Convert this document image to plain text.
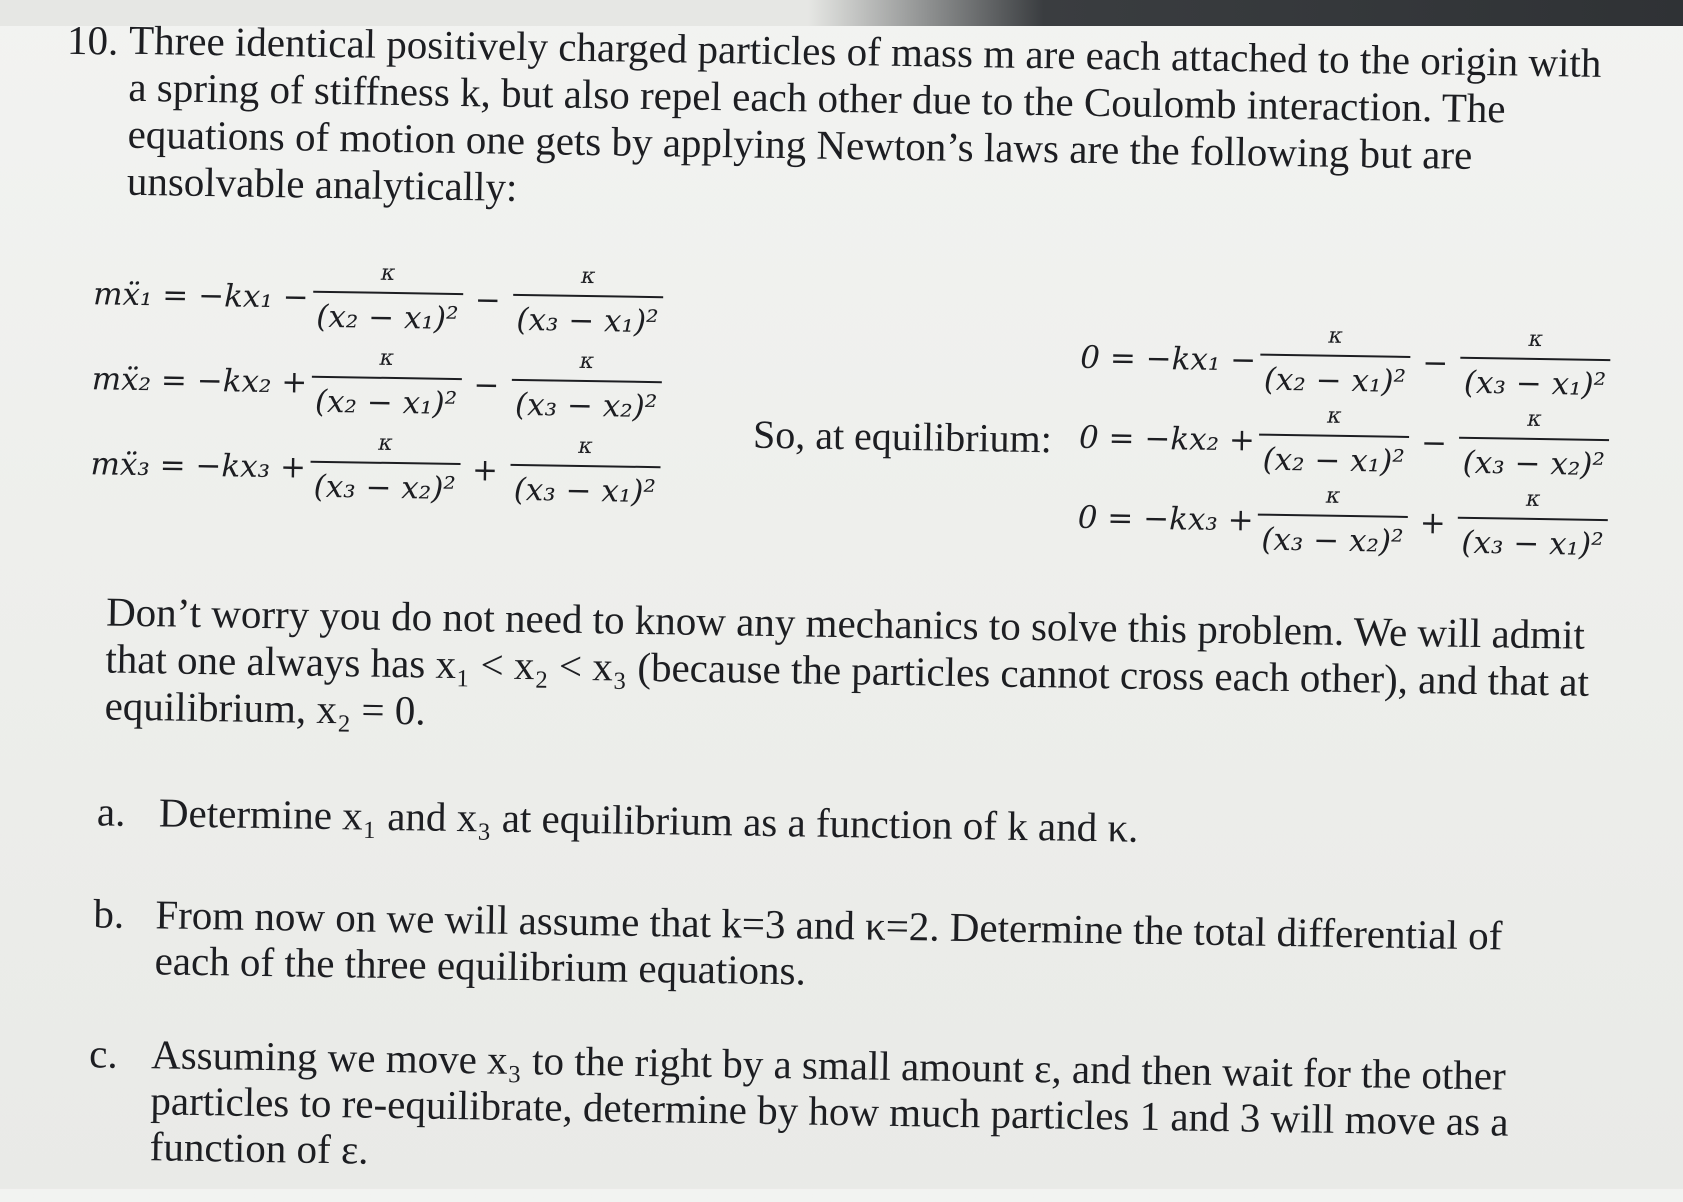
10. Three identical positively charged particles of mass m are each attached to the origin with a spring of stiffness k, but also repel each other due to the Coulomb interaction. The equations of motion one gets by applying Newton’s laws are the following but are unsolvable analytically:
mẍ₁ = $-kx_1 - \frac{\kappa}{\text{(x₂ − x₁)²}} - \frac{\kappa}{\text{(x₃ − x₁)²}}$
mẍ₂ = $-kx_2 + \frac{\kappa}{\text{(x₂ − x₁)²}} - \frac{\kappa}{\text{(x₃ − x₂)²}}$
mẍ₃ = $-kx_3 + \frac{\kappa}{\text{(x₃ − x₂)²}} + \frac{\kappa}{\text{(x₃ − x₁)²}} So$, at equilibrium:
$0 = -kx_1 - \frac{\kappa}{\text{(x₂ − x₁)²}} - \frac{\kappa}{\text{(x₃ − x₁)²}}$
$0 = -kx_2 + \frac{\kappa}{\text{(x₂ − x₁)²}} - \frac{\kappa}{\text{(x₃ − x₂)²}}$
$0 = -kx_3 + \frac{\kappa}{\text{(x₃ − x₂)²}} + \frac{\kappa}{\text{(x₃ − x₁)²}}$
Don’t worry you do not need to know any mechanics to solve this problem. We will admit that one always has x₁ < x₂ < x₃ (because the particles cannot cross each other), and that at equilibrium, x₂ = 0.
a. Determine x₁ and x₃ at equilibrium as a function of k and κ.
b. From now on we will assume that k=3 and κ=2. Determine the total differential of each of the three equilibrium equations.
c. Assuming we move x₃ to the right by a small amount ε, and then wait for the other particles to re-equilibrate, determine by how much particles 1 and 3 will move as a function of ε.
